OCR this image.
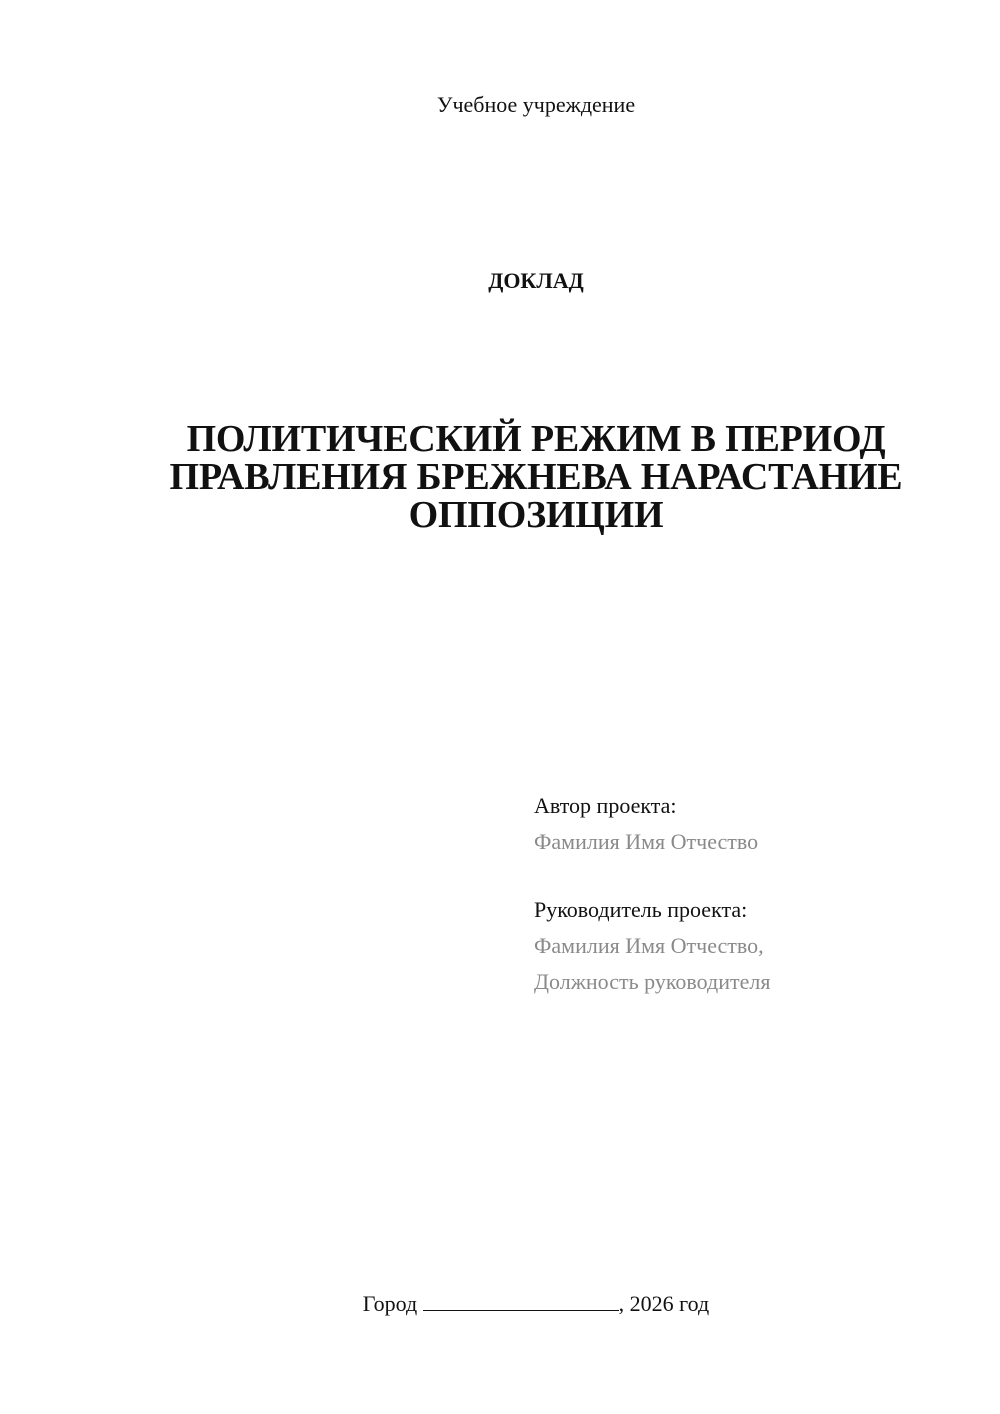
Учебное учреждение
ДОКЛАД
ПОЛИТИЧЕСКИЙ РЕЖИМ В ПЕРИОД
ПРАВЛЕНИЯ БРЕЖНЕВА НАРАСТАНИЕ
ОППОЗИЦИИ
Автор проекта:
Фамилия Имя Отчество
Руководитель проекта:
Фамилия Имя Отчество,
Должность руководителя
Город	, 2026 год
